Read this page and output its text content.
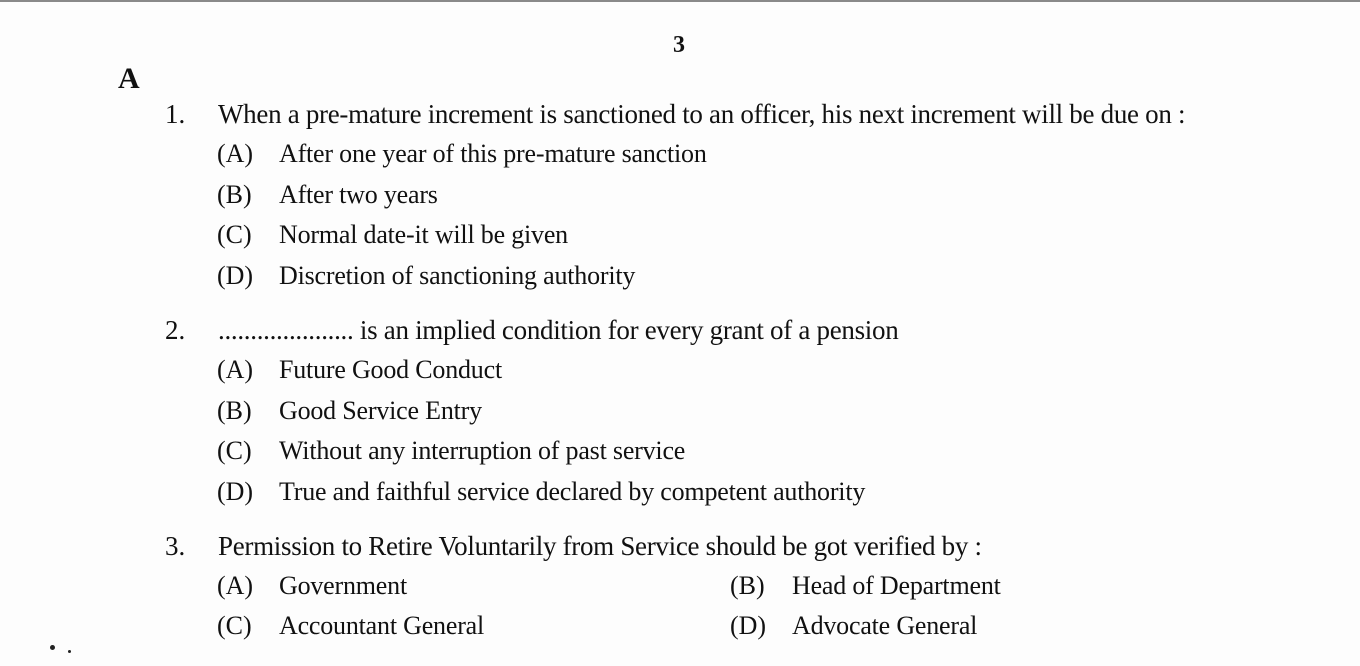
3
A
1. When a pre-mature increment is sanctioned to an officer, his next increment will be due on :
(A) After one year of this pre-mature sanction
(B)	After two years
(C)	Normal date-it will be given
(D) Discretion of sanctioning authority
2. ..................... is an implied condition for every grant of a pension
(A) Future Good Conduct
(B)	Good Service Entry
(C)	Without any interruption of past service
(D) True and faithful service declared by competent authority
3. Permission to Retire Voluntarily from Service should be got verified by :
(A) Government	(B)	Head of Department
(C)	Accountant General	(D) Advocate General
